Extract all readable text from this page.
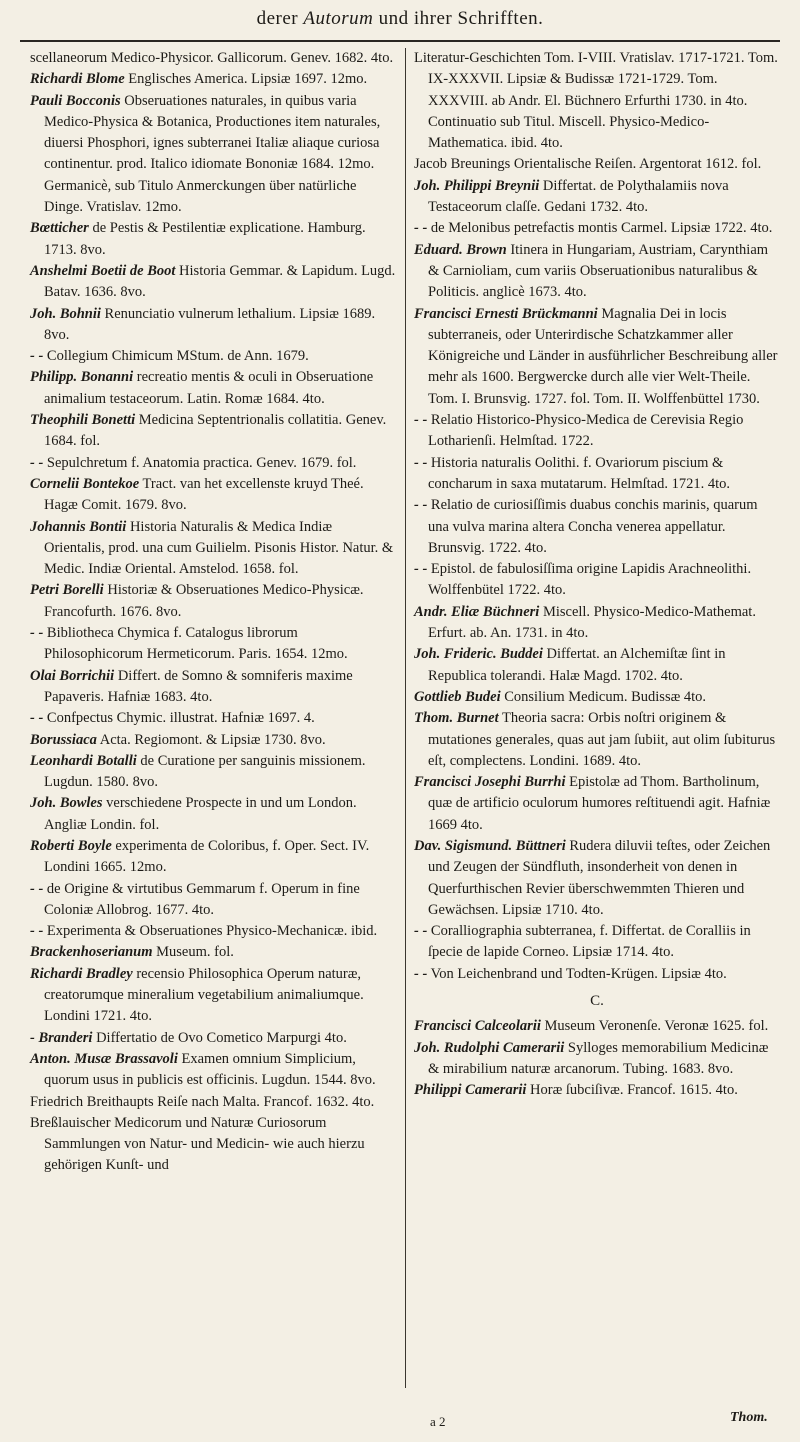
derer Autorum und ihrer Schrifften.

scellaneorum Medico-Physicor. Gallicorum. Genev. 1682. 4to.

Richardi Blome Englisches America. Lipsiæ 1697. 12mo.

Pauli Bocconis Obseruationes naturales, in quibus varia Medico-Physica & Botanica, Productiones item naturales, diuersi Phosphori, ignes subterranei Italiæ aliaque curiosa continentur. prod. Italico idiomate Bononiæ 1684. 12mo. Germanicè, sub Titulo Anmerckungen über natürliche Dinge. Vratislav. 12mo.

Bœtticher de Pestis & Pestilentiæ explicatione. Hamburg. 1713. 8vo.

Anshelmi Boetii de Boot Historia Gemmar. & Lapidum. Lugd. Batav. 1636. 8vo.

Joh. Bohnii Renunciatio vulnerum lethalium. Lipsiæ 1689. 8vo.

- - Collegium Chimicum MStum. de Ann. 1679.

Philipp. Bonanni recreatio mentis & oculi in Obseruatione animalium testaceorum. Latin. Romæ 1684. 4to.

Theophili Bonetti Medicina Septentrionalis collatitia. Genev. 1684. fol.

- - Sepulchretum f. Anatomia practica. Genev. 1679. fol.

Cornelii Bontekoe Tract. van het excellenste kruyd Theé. Hagæ Comit. 1679. 8vo.

Johannis Bontii Historia Naturalis & Medica Indiæ Orientalis, prod. una cum Guilielm. Pisonis Histor. Natur. & Medic. Indiæ Oriental. Amstelod. 1658. fol.

Petri Borelli Historiæ & Obseruationes Medico-Physicæ. Francofurth. 1676. 8vo.

- - Bibliotheca Chymica f. Catalogus librorum Philosophicorum Hermeticorum. Paris. 1654. 12mo.

Olai Borrichii Differt. de Somno & somniferis maxime Papaveris. Hafniæ 1683. 4to.

- - Confpectus Chymic. illustrat. Hafniæ 1697. 4.

Borussiaca Acta. Regiomont. & Lipsiæ 1730. 8vo.

Leonhardi Botalli de Curatione per sanguinis missionem. Lugdun. 1580. 8vo.

Joh. Bowles verschiedene Prospecte in und um London. Angliæ Londin. fol.

Roberti Boyle experimenta de Coloribus, f. Oper. Sect. IV. Londini 1665. 12mo.

- - de Origine & virtutibus Gemmarum f. Operum in fine Coloniæ Allobrog. 1677. 4to.

- - Experimenta & Obseruationes Physico-Mechanicæ. ibid.

Brackenhoserianum Museum. fol.

Richardi Bradley recensio Philosophica Operum naturæ, creatorumque mineralium vegetabilium animaliumque. Londini 1721. 4to.

- Branderi Differtatio de Ovo Cometico Marpurgi 4to.

Anton. Musæ Brassavoli Examen omnium Simplicium, quorum usus in publicis est officinis. Lugdun. 1544. 8vo.

Friedrich Breithaupts Reiſe nach Malta. Francof. 1632. 4to.

Breßlauischer Medicorum und Naturæ Curiosorum Sammlungen von Natur- und Medicin- wie auch hierzu gehörigen Kunſt- und

Literatur-Geschichten Tom. I-VIII. Vratislav. 1717-1721. Tom. IX-XXXVII. Lipsiæ & Budissæ 1721-1729. Tom. XXXVIII. ab Andr. El. Büchnero Erfurthi 1730. in 4to. Continuatio sub Titul. Miscell. Physico-Medico-Mathematica. ibid. 4to.

Jacob Breunings Orientalische Reiſen. Argentorat 1612. fol.

Joh. Philippi Breynii Differtat. de Polythalamiis nova Testaceorum claſſe. Gedani 1732. 4to.

- - de Melonibus petrefactis montis Carmel. Lipsiæ 1722. 4to.

Eduard. Brown Itinera in Hungariam, Austriam, Carynthiam & Carnioliam, cum variis Obseruationibus naturalibus & Politicis. anglicè 1673. 4to.

Francisci Ernesti Brückmanni Magnalia Dei in locis subterraneis, oder Unterirdische Schatzkammer aller Königreiche und Länder in ausführlicher Beschreibung aller mehr als 1600. Bergwercke durch alle vier Welt-Theile. Tom. I. Brunsvig. 1727. fol. Tom. II. Wolffenbüttel 1730.

- - Relatio Historico-Physico-Medica de Cerevisia Regio Lotharienſi. Helmſtad. 1722.

- - Historia naturalis Oolithi. f. Ovariorum piscium & concharum in saxa mutatarum. Helmſtad. 1721. 4to.

- - Relatio de curiosiſſimis duabus conchis marinis, quarum una vulva marina altera Concha venerea appellatur. Brunsvig. 1722. 4to.

- - Epistol. de fabulosiſſima origine Lapidis Arachneolithi. Wolffenbütel 1722. 4to.

Andr. Eliæ Büchneri Miscell. Physico-Medico-Mathemat. Erfurt. ab. An. 1731. in 4to.

Joh. Frideric. Buddei Differtat. an Alchemiſtæ ſint in Republica tolerandi. Halæ Magd. 1702. 4to.

Gottlieb Budei Consilium Medicum. Budissæ 4to.

Thom. Burnet Theoria sacra: Orbis noſtri originem & mutationes generales, quas aut jam ſubiit, aut olim ſubiturus eſt, complectens. Londini. 1689. 4to.

Francisci Josephi Burrhi Epistolæ ad Thom. Bartholinum, quæ de artificio oculorum humores reſtituendi agit. Hafniæ 1669 4to.

Dav. Sigismund. Büttneri Rudera diluvii teſtes, oder Zeichen und Zeugen der Sündfluth, insonderheit von denen in Querfurthischen Revier überschwemmten Thieren und Gewächsen. Lipsiæ 1710. 4to.

- - Coralliographia subterranea, f. Differtat. de Coralliis in ſpecie de lapide Corneo. Lipsiæ 1714. 4to.

- - Von Leichenbrand und Todten-Krügen. Lipsiæ 4to.

C.

Francisci Calceolarii Museum Veronenſe. Veronæ 1625. fol.

Joh. Rudolphi Camerarii Sylloges memorabilium Medicinæ & mirabilium naturæ arcanorum. Tubing. 1683. 8vo.

Philippi Camerarii Horæ ſubciſivæ. Francof. 1615. 4to.

a 2	Thom.
